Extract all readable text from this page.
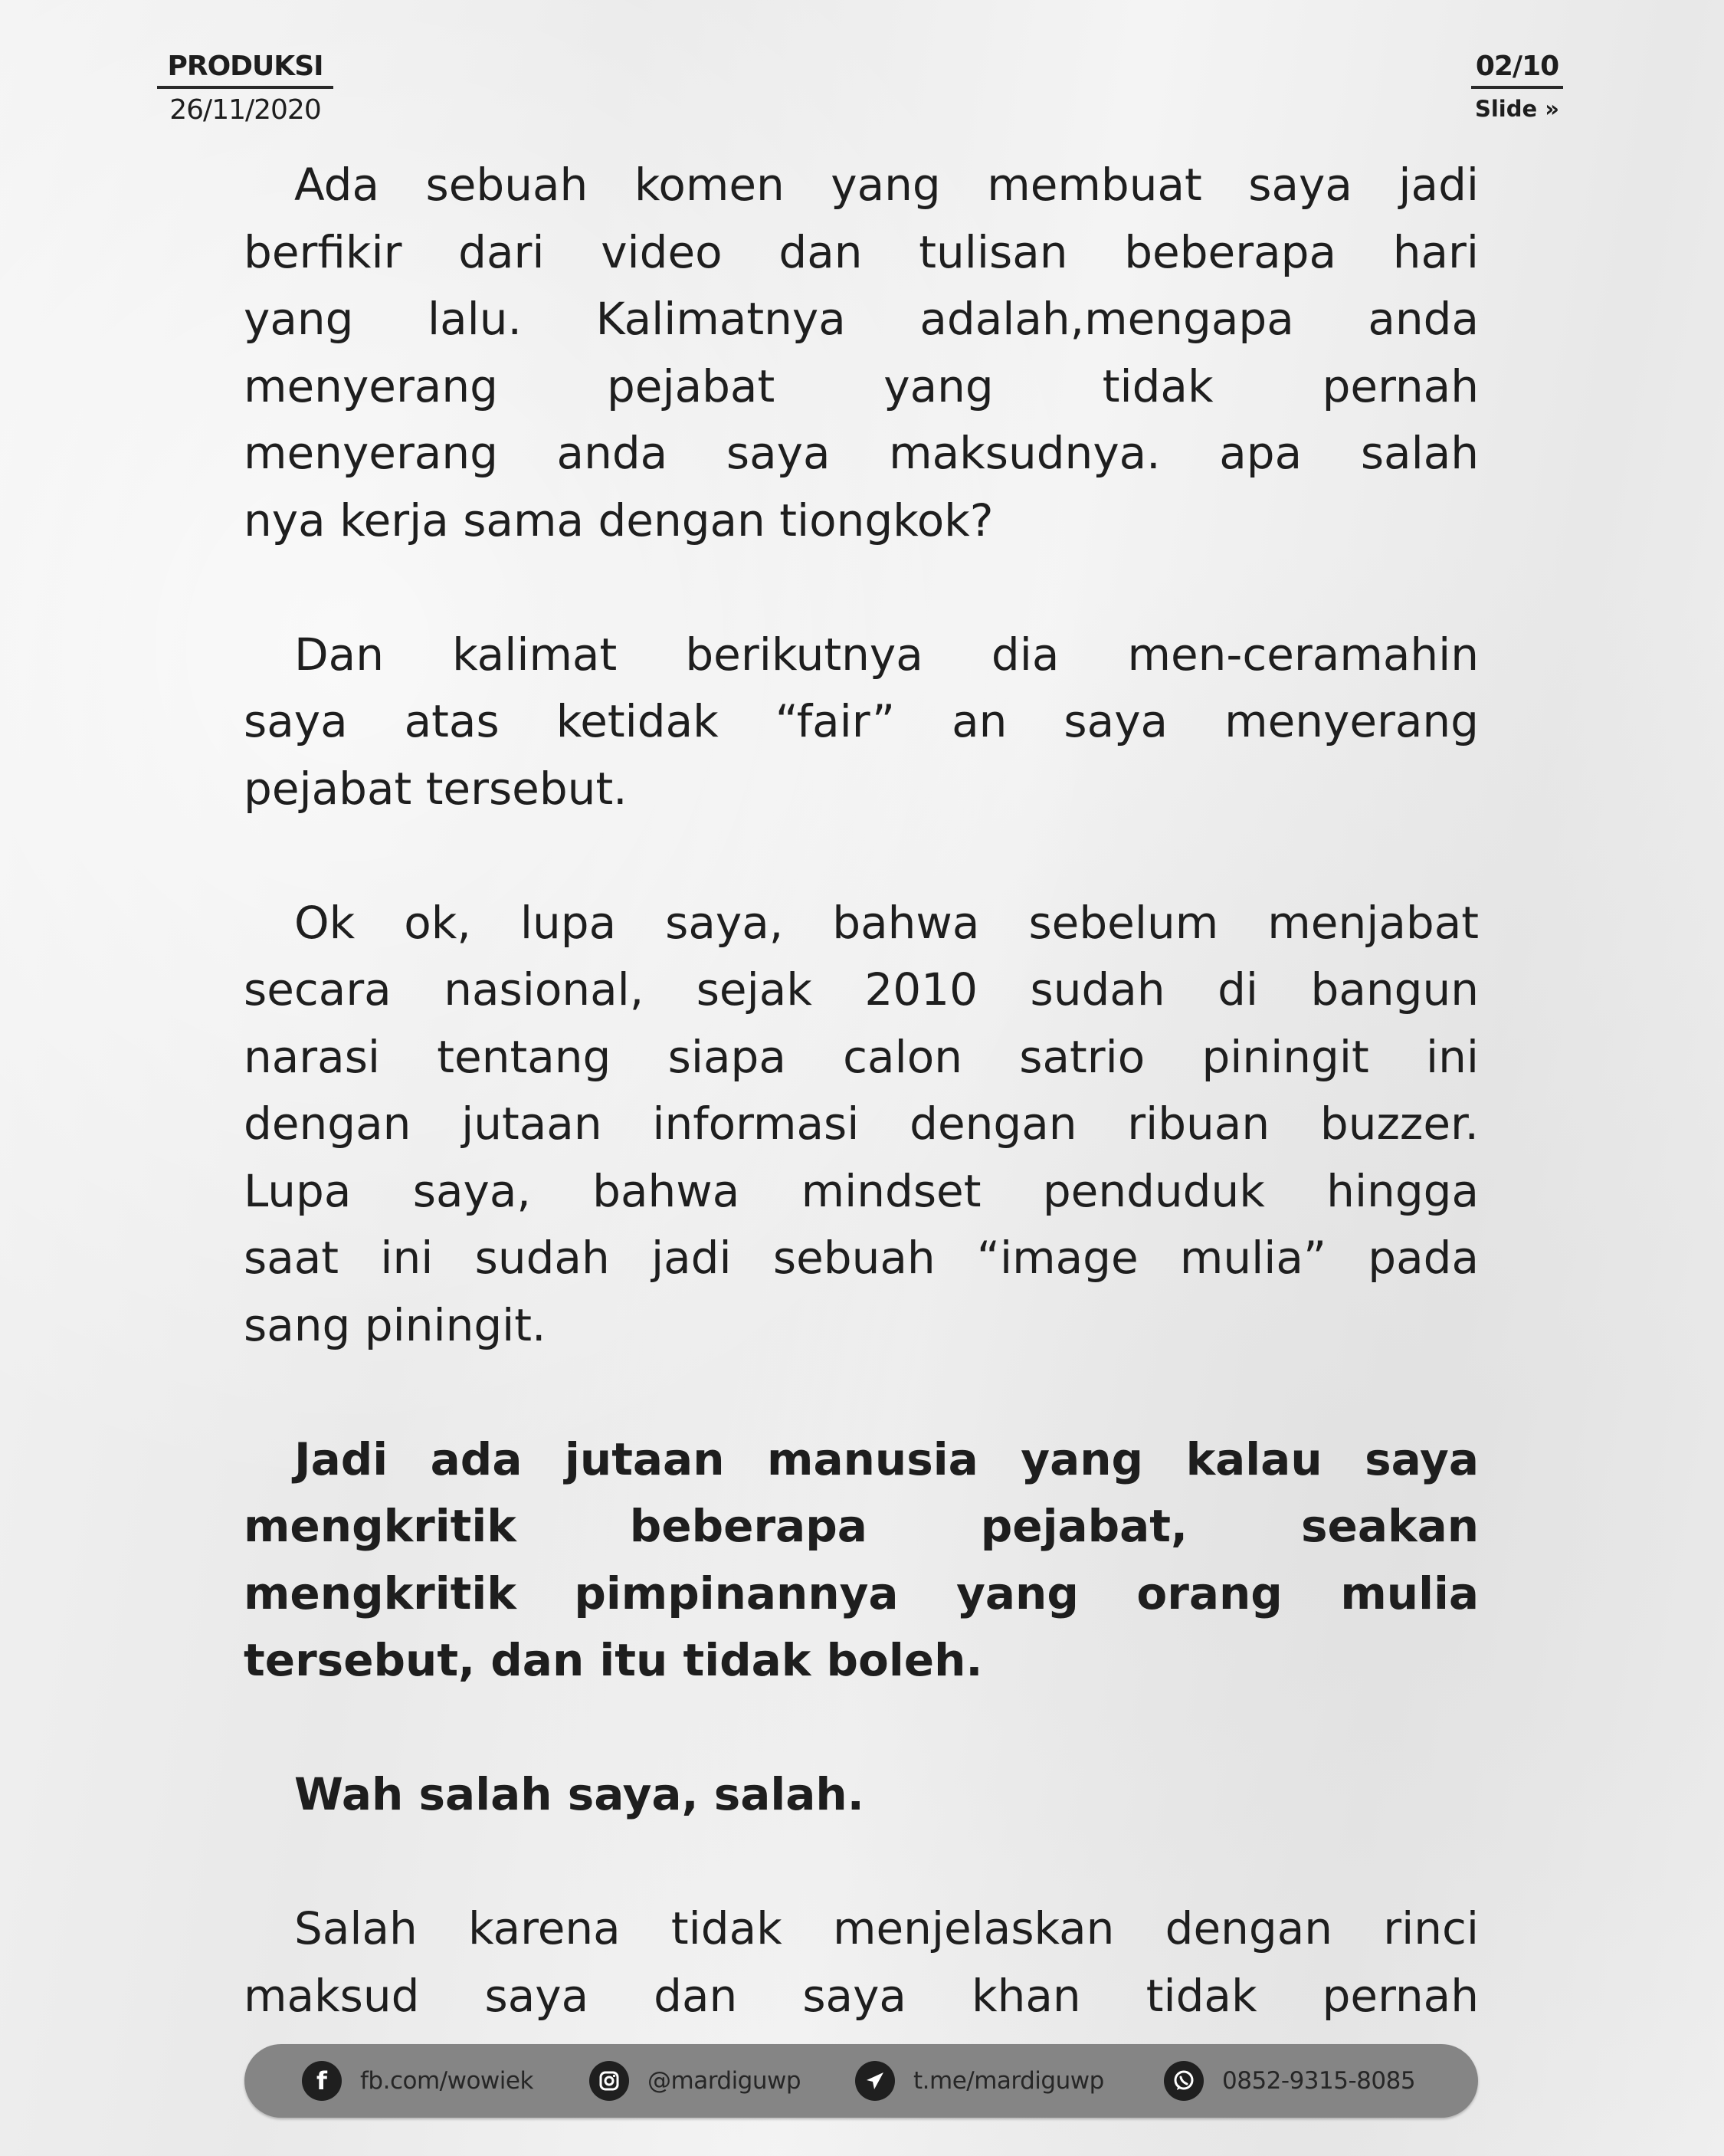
PRODUKSI
26/11/2020
02/10
Slide »
Ada sebuah komen yang membuat saya jadi
berfikir dari video dan tulisan beberapa hari
yang lalu. Kalimatnya adalah,mengapa anda
menyerang pejabat yang tidak pernah
menyerang anda saya maksudnya. apa salah
nya kerja sama dengan tiongkok?
Dan kalimat berikutnya dia men-ceramahin
saya atas ketidak “fair” an saya menyerang
pejabat tersebut.
Ok ok, lupa saya, bahwa sebelum menjabat
secara nasional, sejak 2010 sudah di bangun
narasi tentang siapa calon satrio piningit ini
dengan jutaan informasi dengan ribuan buzzer.
Lupa saya, bahwa mindset penduduk hingga
saat ini sudah jadi sebuah “image mulia” pada
sang piningit.
Jadi ada jutaan manusia yang kalau saya
mengkritik beberapa pejabat, seakan
mengkritik pimpinannya yang orang mulia
tersebut, dan itu tidak boleh.
Wah salah saya, salah.
Salah karena tidak menjelaskan dengan rinci
maksud saya dan saya khan tidak pernah
f	fb.com/wowiek	@mardiguwp	t.me/mardiguwp	0852-9315-8085
